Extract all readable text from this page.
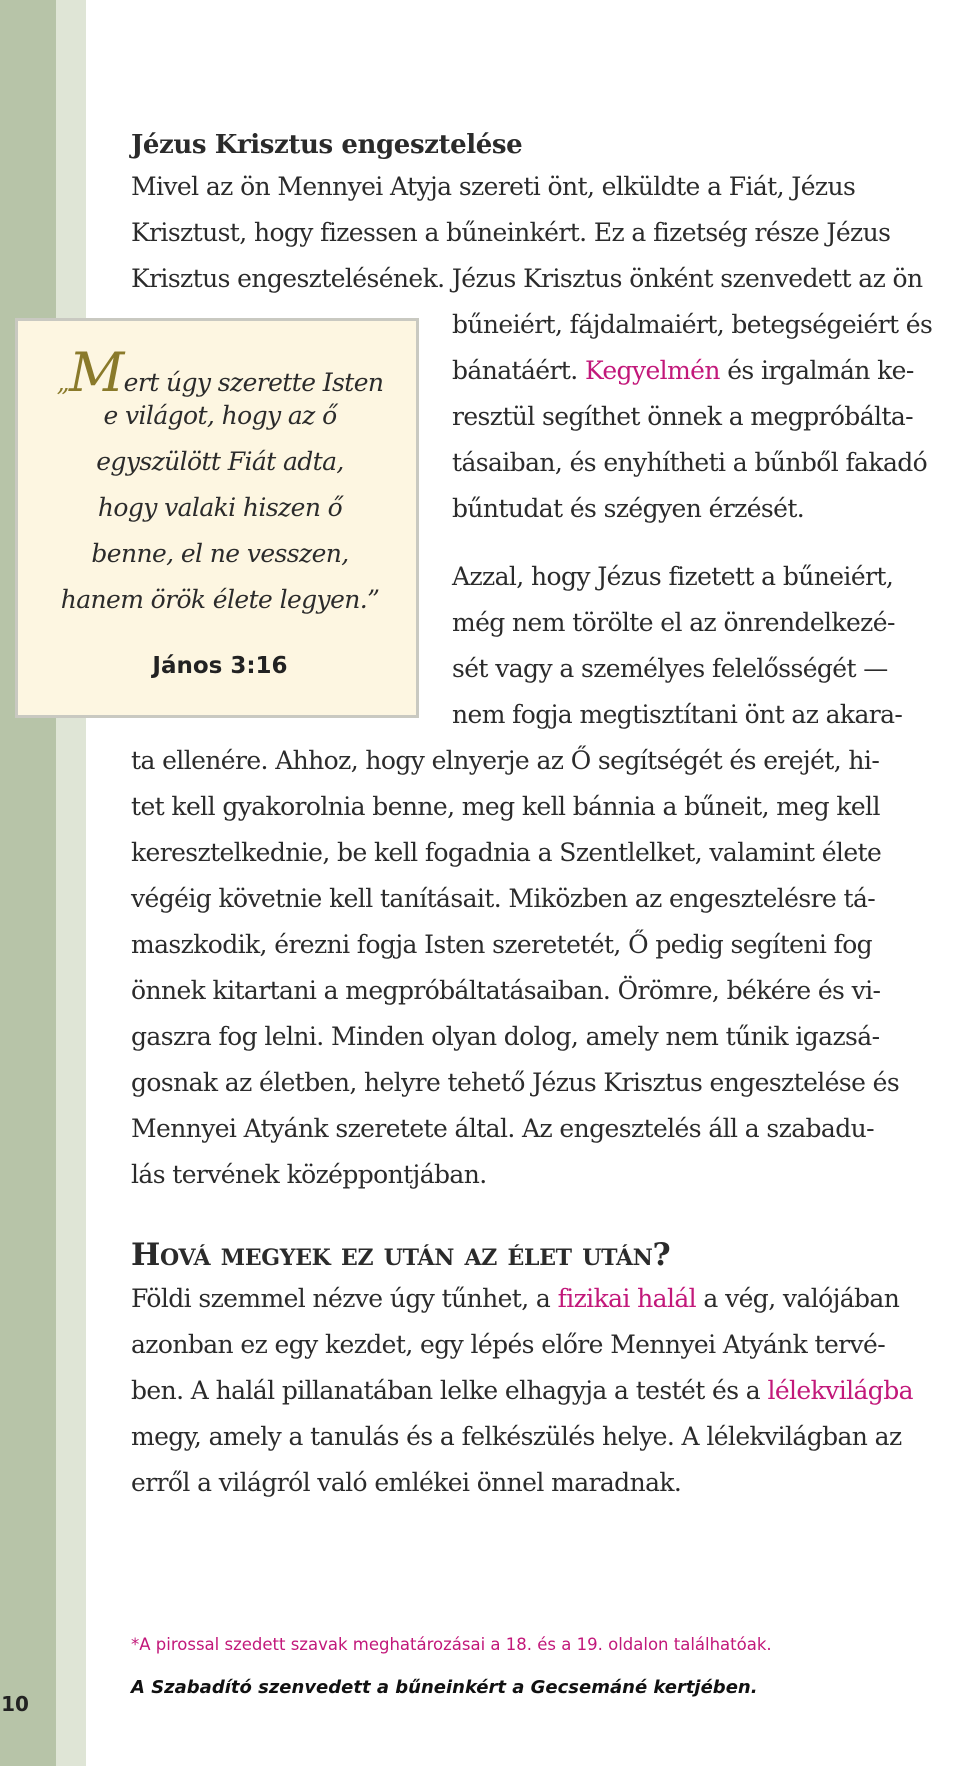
10
Jézus Krisztus engesztelése
Mivel az ön Mennyei Atyja szereti önt, elküldte a Fiát, Jézus
Krisztust, hogy fizessen a bűneinkért. Ez a fizetség része Jézus
Krisztus engesztelésének. Jézus Krisztus önként szenvedett az ön
bűneiért, fájdalmaiért, betegségeiért és
bánatáért. Kegyelmén és irgalmán ke-
resztül segíthet önnek a megpróbálta-
tásaiban, és enyhítheti a bűnből fakadó
bűntudat és szégyen érzését.
Azzal, hogy Jézus fizetett a bűneiért,
még nem törölte el az önrendelkezé-
sét vagy a személyes felelősségét —
nem fogja megtisztítani önt az akara-
ta ellenére. Ahhoz, hogy elnyerje az Ő segítségét és erejét, hi-
tet kell gyakorolnia benne, meg kell bánnia a bűneit, meg kell
keresztelkednie, be kell fogadnia a Szentlelket, valamint élete
végéig követnie kell tanításait. Miközben az engesztelésre tá-
maszkodik, érezni fogja Isten szeretetét, Ő pedig segíteni fog
önnek kitartani a megpróbáltatásaiban. Örömre, békére és vi-
gaszra fog lelni. Minden olyan dolog, amely nem tűnik igazsá-
gosnak az életben, helyre tehető Jézus Krisztus engesztelése és
Mennyei Atyánk szeretete által. Az engesztelés áll a szabadu-
lás tervének középpontjában.
„Mert úgy szerette Isten
e világot, hogy az ő
egyszülött Fiát adta,
hogy valaki hiszen ő
benne, el ne vesszen,
hanem örök élete legyen.”
János 3:16
Hová megyek ez után az élet után?
Földi szemmel nézve úgy tűnhet, a fizikai halál a vég, valójában
azonban ez egy kezdet, egy lépés előre Mennyei Atyánk tervé-
ben. A halál pillanatában lelke elhagyja a testét és a lélekvilágba
megy, amely a tanulás és a felkészülés helye. A lélekvilágban az
erről a világról való emlékei önnel maradnak.
*A pirossal szedett szavak meghatározásai a 18. és a 19. oldalon találhatóak.
A Szabadító szenvedett a bűneinkért a Gecsemáné kertjében.
